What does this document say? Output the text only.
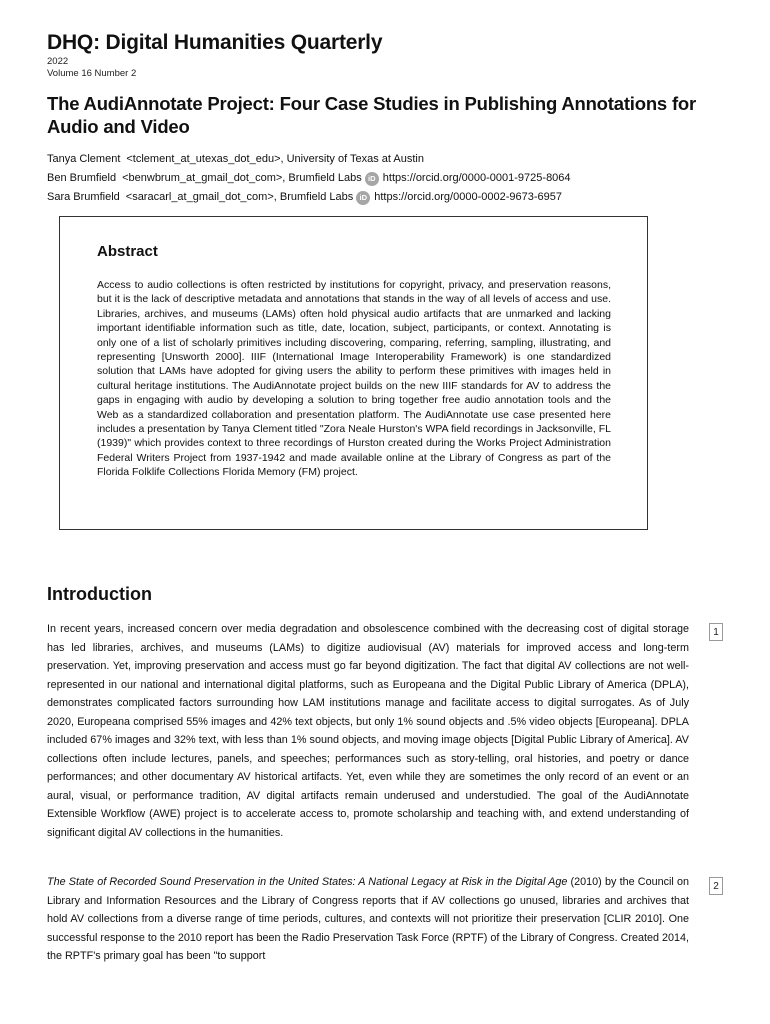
DHQ: Digital Humanities Quarterly
2022
Volume 16 Number 2
The AudiAnnotate Project: Four Case Studies in Publishing Annotations for Audio and Video
Tanya Clement <tclement_at_utexas_dot_edu>, University of Texas at Austin
Ben Brumfield <benwbrum_at_gmail_dot_com>, Brumfield Labs iD https://orcid.org/0000-0001-9725-8064
Sara Brumfield <saracarl_at_gmail_dot_com>, Brumfield Labs iD https://orcid.org/0000-0002-9673-6957
Abstract

Access to audio collections is often restricted by institutions for copyright, privacy, and preservation reasons, but it is the lack of descriptive metadata and annotations that stands in the way of all levels of access and use. Libraries, archives, and museums (LAMs) often hold physical audio artifacts that are unmarked and lacking important identifiable information such as title, date, location, subject, participants, or context. Annotating is only one of a list of scholarly primitives including discovering, comparing, referring, sampling, illustrating, and representing [Unsworth 2000]. IIIF (International Image Interoperability Framework) is one standardized solution that LAMs have adopted for giving users the ability to perform these primitives with images held in cultural heritage institutions. The AudiAnnotate project builds on the new IIIF standards for AV to address the gaps in engaging with audio by developing a solution to bring together free audio annotation tools and the Web as a standardized collaboration and presentation platform. The AudiAnnotate use case presented here includes a presentation by Tanya Clement titled "Zora Neale Hurston's WPA field recordings in Jacksonville, FL (1939)" which provides context to three recordings of Hurston created during the Works Project Administration Federal Writers Project from 1937-1942 and made available online at the Library of Congress as part of the Florida Folklife Collections Florida Memory (FM) project.

Introduction

In recent years, increased concern over media degradation and obsolescence combined with the decreasing cost of digital storage has led libraries, archives, and museums (LAMs) to digitize audiovisual (AV) materials for improved access and long-term preservation. Yet, improving preservation and access must go far beyond digitization. The fact that digital AV collections are not well-represented in our national and international digital platforms, such as Europeana and the Digital Public Library of America (DPLA), demonstrates complicated factors surrounding how LAM institutions manage and facilitate access to digital surrogates. As of July 2020, Europeana comprised 55% images and 42% text objects, but only 1% sound objects and .5% video objects [Europeana]. DPLA included 67% images and 32% text, with less than 1% sound objects, and moving image objects [Digital Public Library of America]. AV collections often include lectures, panels, and speeches; performances such as story-telling, oral histories, and poetry or dance performances; and other documentary AV historical artifacts. Yet, even while they are sometimes the only record of an event or an aural, visual, or performance tradition, AV digital artifacts remain underused and understudied. The goal of the AudiAnnotate Extensible Workflow (AWE) project is to accelerate access to, promote scholarship and teaching with, and extend understanding of significant digital AV collections in the humanities.

1

The State of Recorded Sound Preservation in the United States: A National Legacy at Risk in the Digital Age (2010) by the Council on Library and Information Resources and the Library of Congress reports that if AV collections go unused, libraries and archives that hold AV collections from a diverse range of time periods, cultures, and contexts will not prioritize their preservation [CLIR 2010]. One successful response to the 2010 report has been the Radio Preservation Task Force (RPTF) of the Library of Congress. Created 2014, the RPTF's primary goal has been "to support

2
